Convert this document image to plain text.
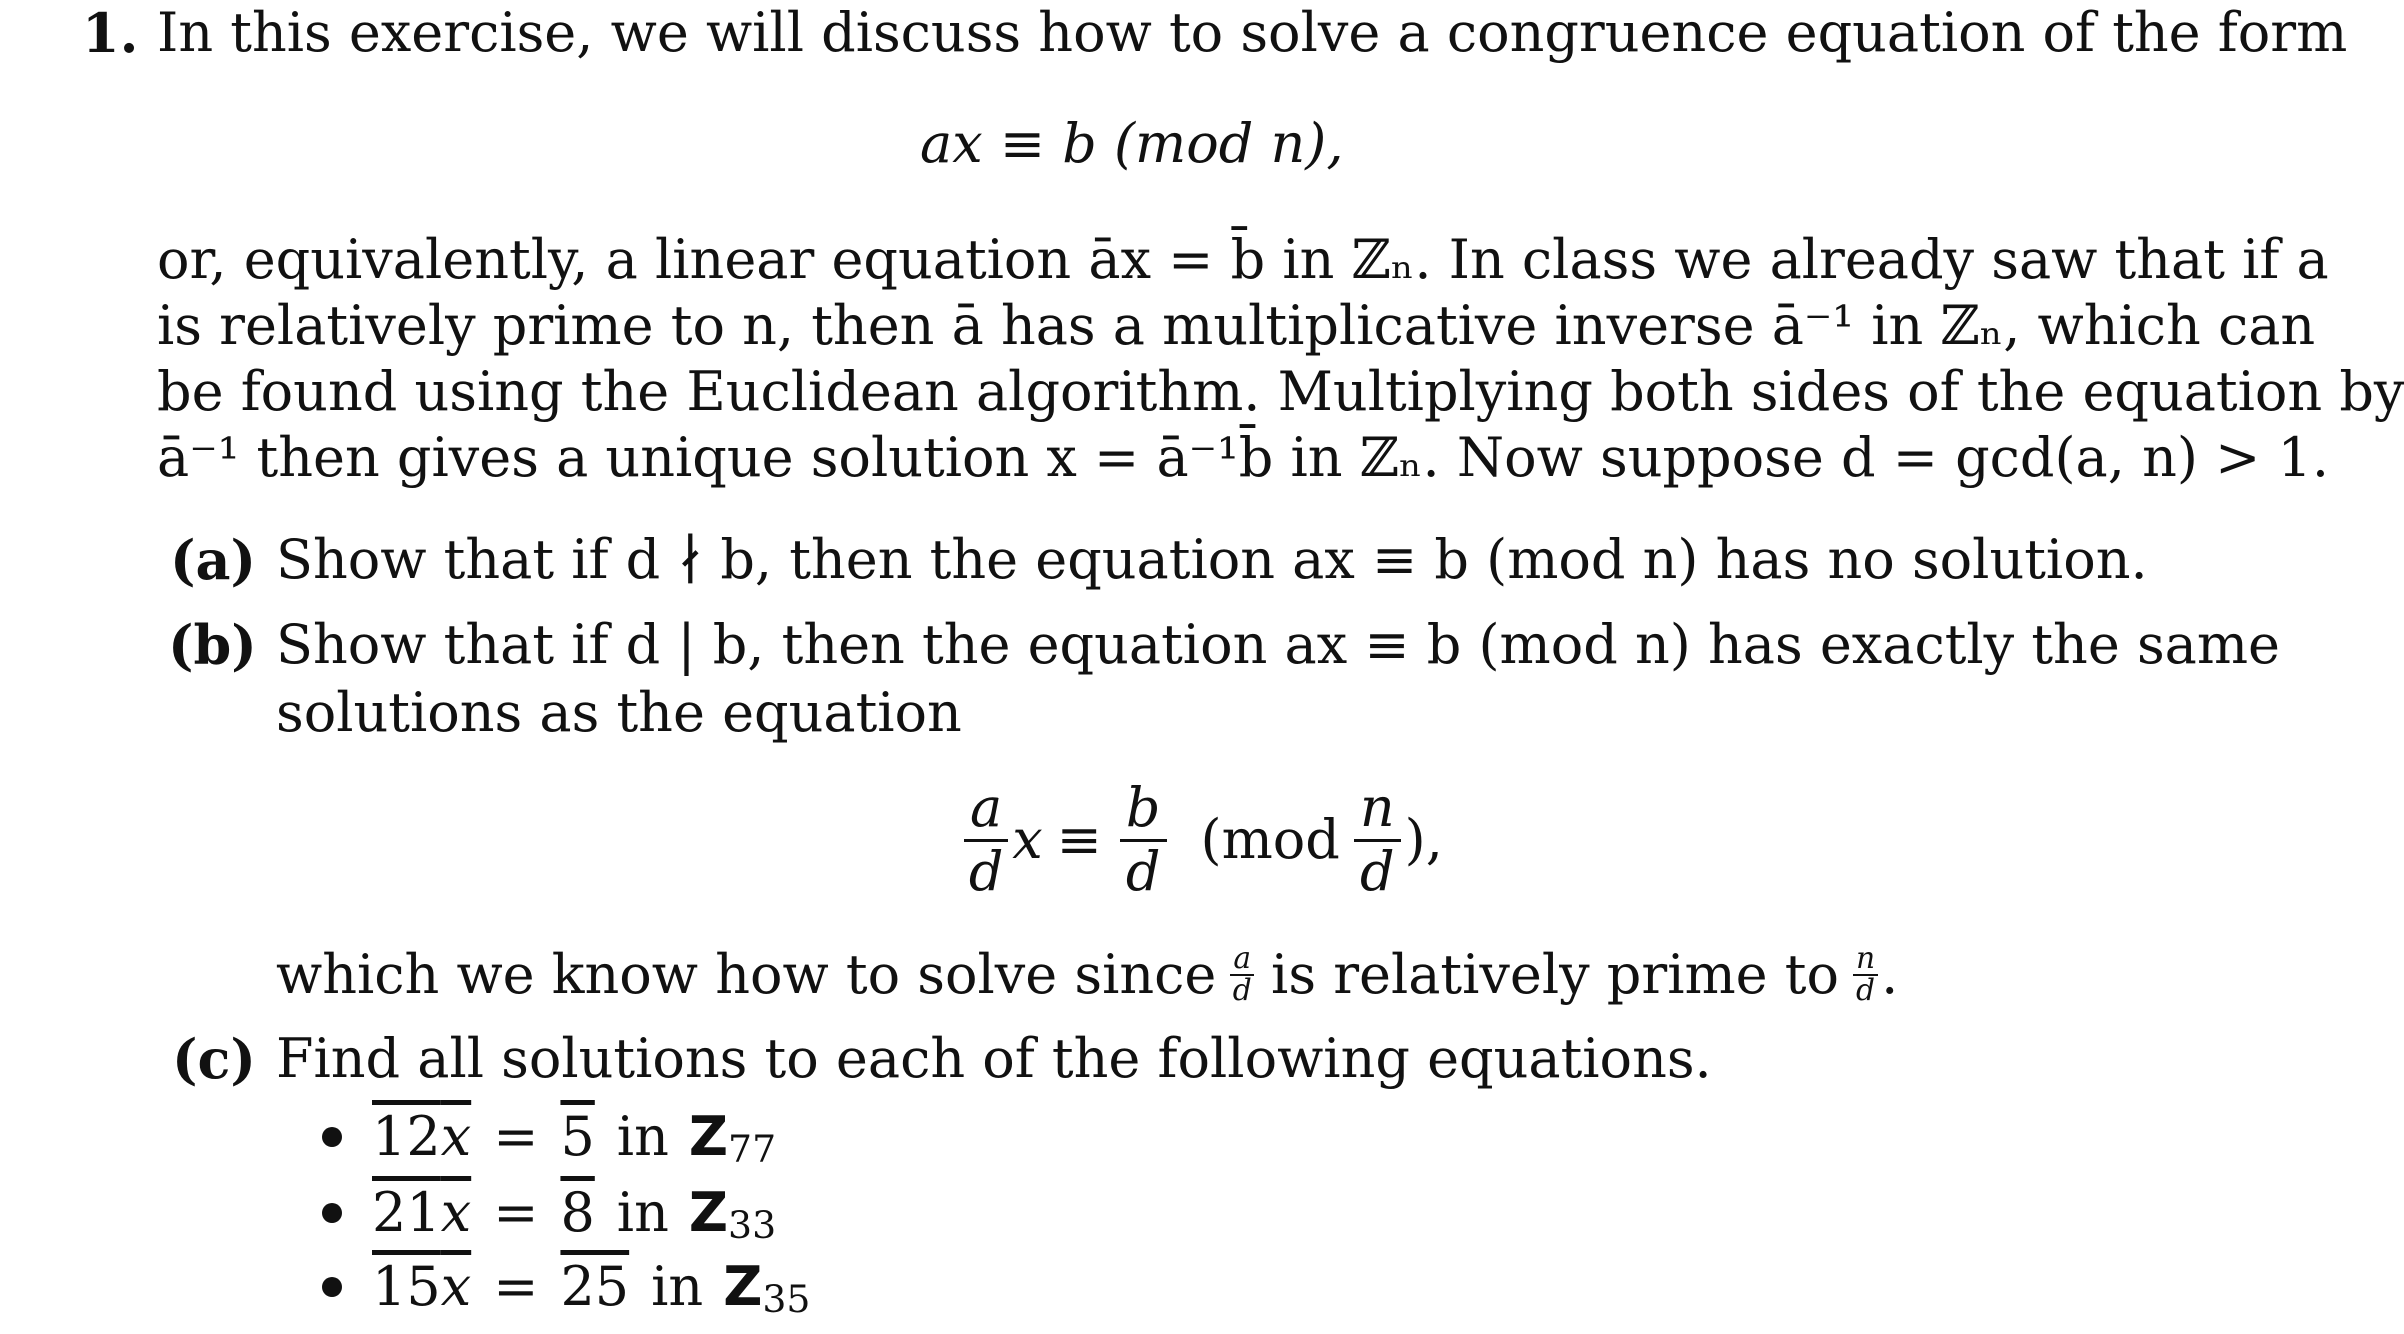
1. In this exercise, we will discuss how to solve a congruence equation of the form
ax ≡ b (mod n),
or, equivalently, a linear equation āx = b̄ in ℤₙ. In class we already saw that if a
is relatively prime to n, then ā has a multiplicative inverse ā⁻¹ in ℤₙ, which can
be found using the Euclidean algorithm. Multiplying both sides of the equation by
ā⁻¹ then gives a unique solution x = ā⁻¹b̄ in ℤₙ. Now suppose d = gcd(a, n) > 1.
(a) Show that if d ∤ b, then the equation ax ≡ b (mod n) has no solution.
(b) Show that if d | b, then the equation ax ≡ b (mod n) has exactly the same
solutions as the equation
$\frac{a}{d}$ $x \equiv \frac{b}{d} (mod \frac{n}{d}$ ),
which we know how to solve since $\frac{a}{d}$ is relatively prime to $\frac{n}{d}$ .
(c) Find all solutions to each of the following equations.
12 $\overline{x} = 5$ in Z 77
21 $\overline{x} = 8$ in Z 33
15 $\overline{x} = 25$ in Z 35
